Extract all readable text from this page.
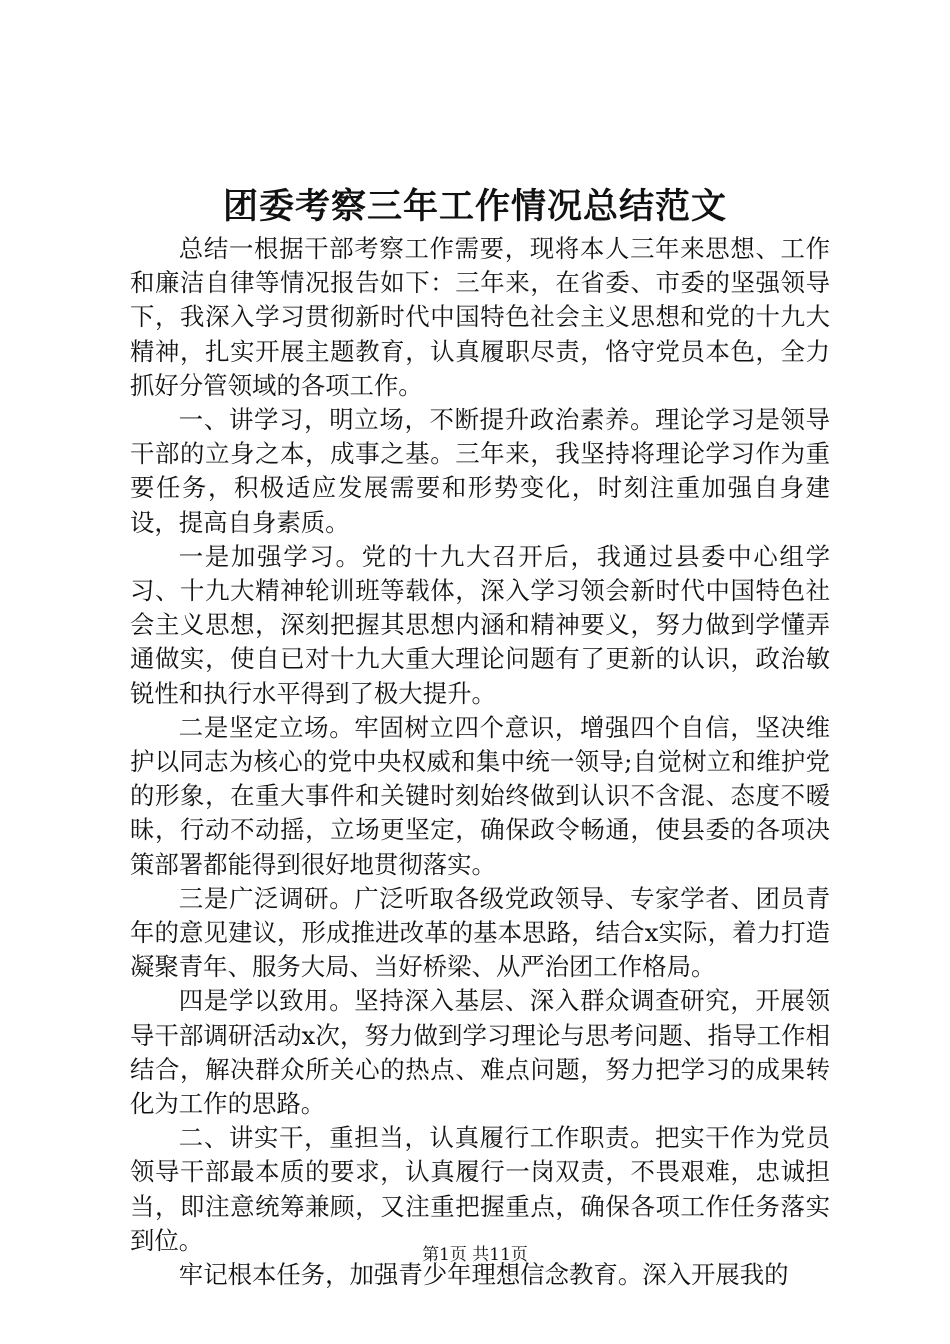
团委考察三年工作情况总结范文

总结一根据干部考察工作需要，现将本人三年来思想、工作和廉洁自律等情况报告如下：三年来，在省委、市委的坚强领导下，我深入学习贯彻新时代中国特色社会主义思想和党的十九大精神，扎实开展主题教育，认真履职尽责，恪守党员本色，全力抓好分管领域的各项工作。

一、讲学习，明立场，不断提升政治素养。理论学习是领导干部的立身之本，成事之基。三年来，我坚持将理论学习作为重要任务，积极适应发展需要和形势变化，时刻注重加强自身建设，提高自身素质。

一是加强学习。党的十九大召开后，我通过县委中心组学习、十九大精神轮训班等载体，深入学习领会新时代中国特色社会主义思想，深刻把握其思想内涵和精神要义，努力做到学懂弄通做实，使自已对十九大重大理论问题有了更新的认识，政治敏锐性和执行水平得到了极大提升。

二是坚定立场。牢固树立四个意识，增强四个自信，坚决维护以同志为核心的党中央权威和集中统一领导;自觉树立和维护党的形象，在重大事件和关键时刻始终做到认识不含混、态度不暧昧，行动不动摇，立场更坚定，确保政令畅通，使县委的各项决策部署都能得到很好地贯彻落实。

三是广泛调研。广泛听取各级党政领导、专家学者、团员青年的意见建议，形成推进改革的基本思路，结合x实际，着力打造凝聚青年、服务大局、当好桥梁、从严治团工作格局。

四是学以致用。坚持深入基层、深入群众调查研究，开展领导干部调研活动x次，努力做到学习理论与思考问题、指导工作相结合，解决群众所关心的热点、难点问题，努力把学习的成果转化为工作的思路。

二、讲实干，重担当，认真履行工作职责。把实干作为党员领导干部最本质的要求，认真履行一岗双责，不畏艰难，忠诚担当，即注意统筹兼顾，又注重把握重点，确保各项工作任务落实到位。

牢记根本任务，加强青少年理想信念教育。深入开展我的

第1页 共11页
